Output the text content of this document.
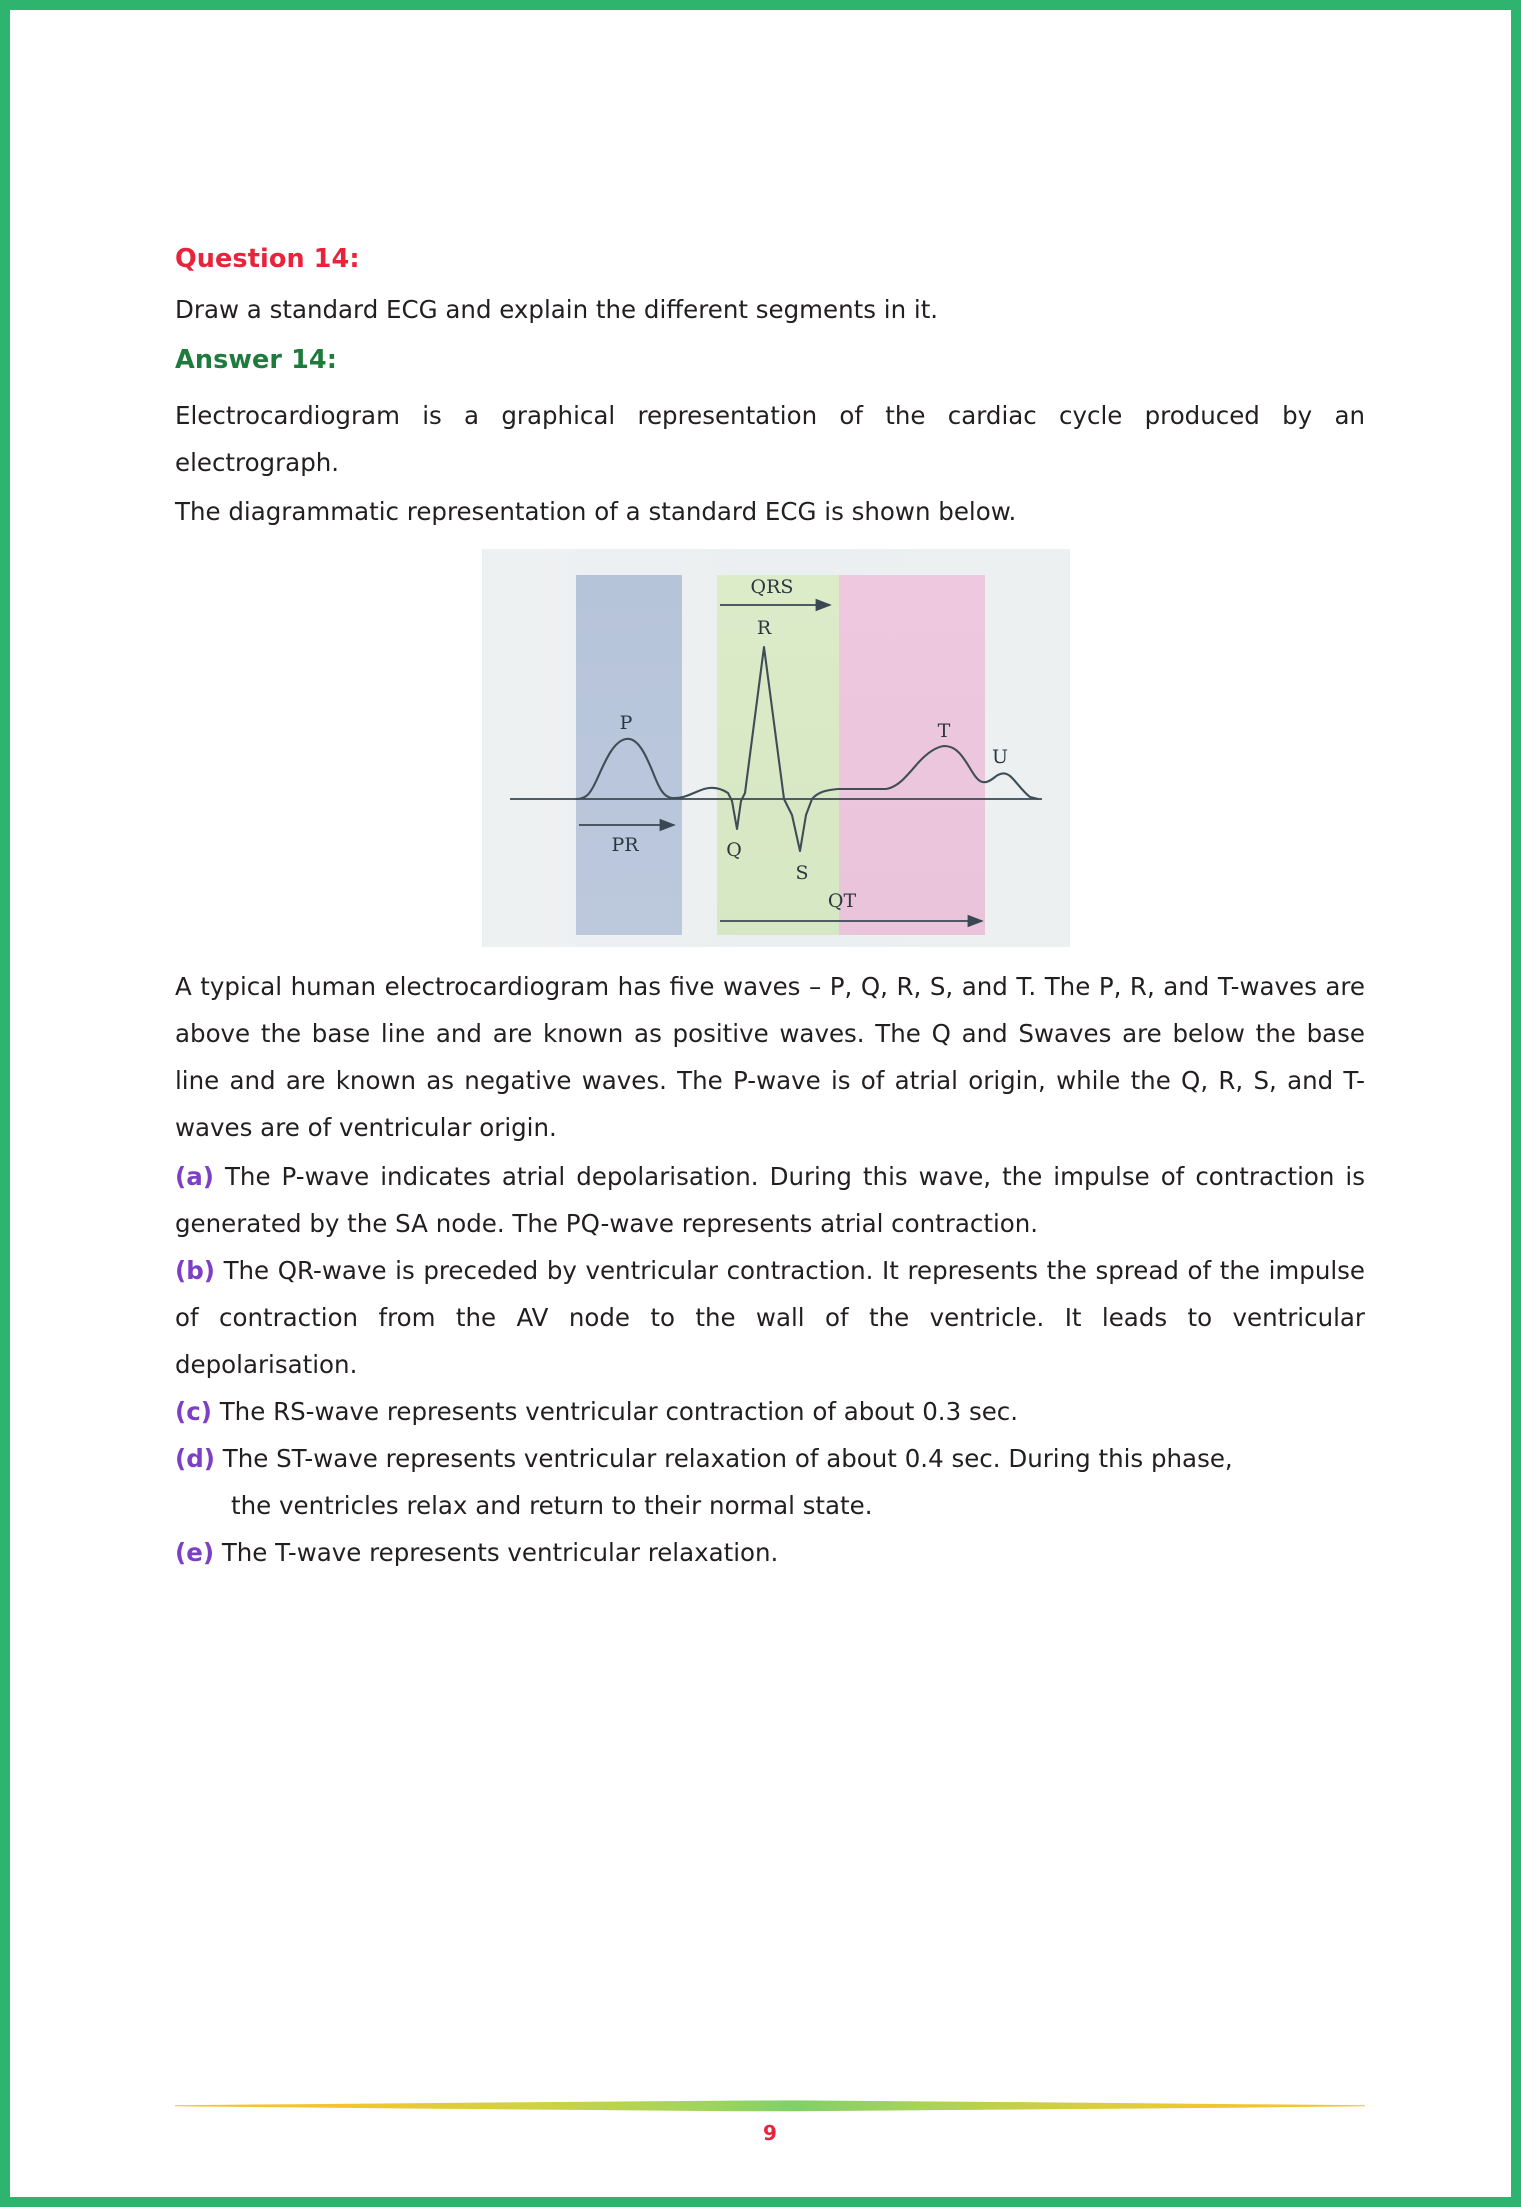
Question 14:
Draw a standard ECG and explain the different segments in it.
Answer 14:
Electrocardiogram is a graphical representation of the cardiac cycle produced by an electrograph.
The diagrammatic representation of a standard ECG is shown below.
PR
QRS
QT
P
R
Q
S
T
U
A typical human electrocardiogram has five waves – P, Q, R, S, and T. The P, R, and T-waves are above the base line and are known as positive waves. The Q and Swaves are below the base line and are known as negative waves. The P-wave is of atrial origin, while the Q, R, S, and T-waves are of ventricular origin.
(a) The P-wave indicates atrial depolarisation. During this wave, the impulse of contraction is generated by the SA node. The PQ-wave represents atrial contraction.
(b) The QR-wave is preceded by ventricular contraction. It represents the spread of the impulse of contraction from the AV node to the wall of the ventricle. It leads to ventricular depolarisation.
(c) The RS-wave represents ventricular contraction of about 0.3 sec.
(d) The ST-wave represents ventricular relaxation of about 0.4 sec. During this phase,
the ventricles relax and return to their normal state.
(e) The T-wave represents ventricular relaxation.
9
